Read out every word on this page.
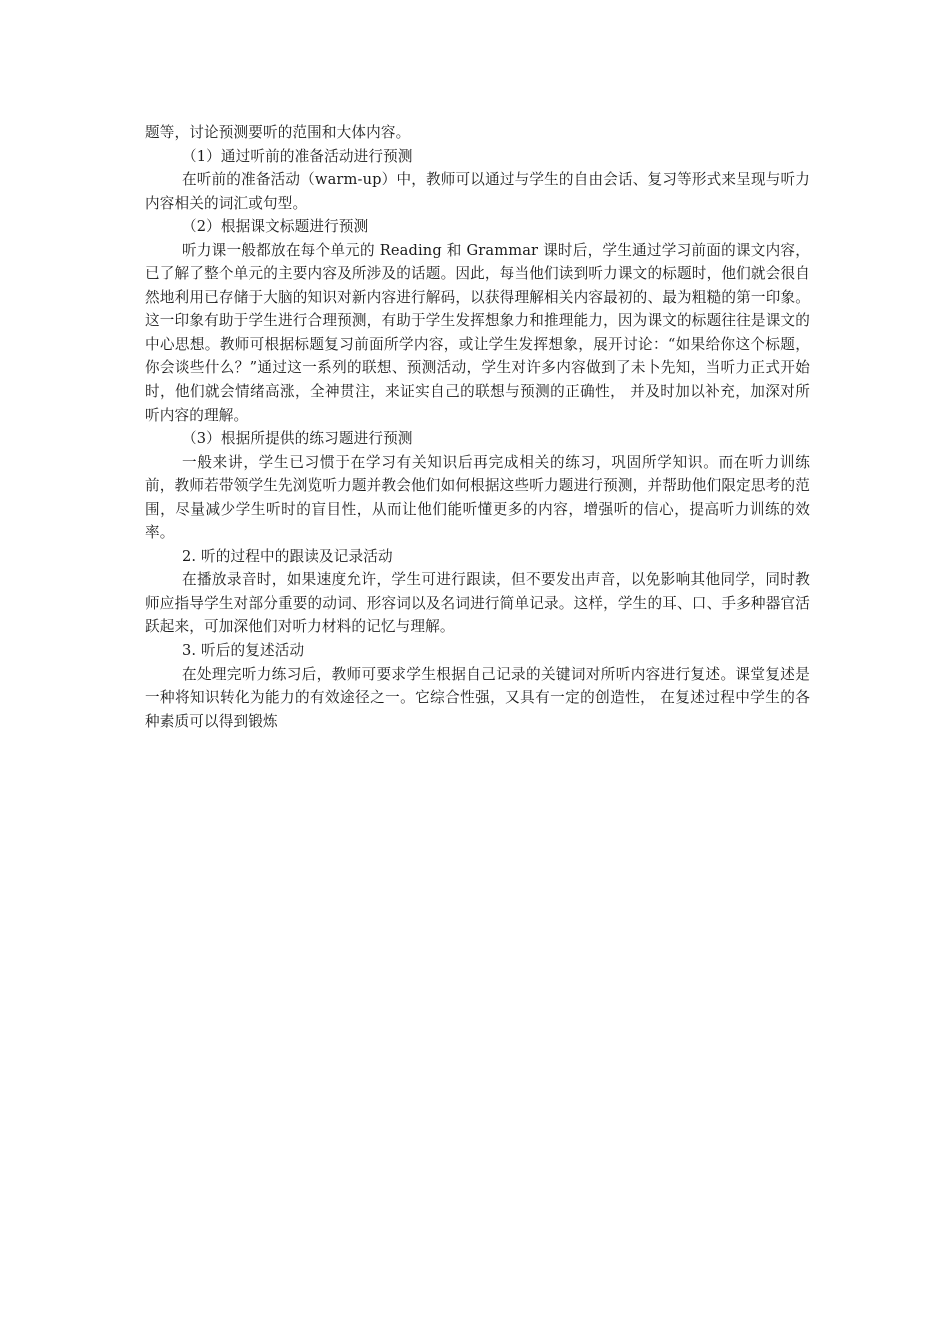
题等，讨论预测要听的范围和大体内容。

（1）通过听前的准备活动进行预测

在听前的准备活动（warm-up）中，教师可以通过与学生的自由会话、复习等形式来呈现与听力内容相关的词汇或句型。

（2）根据课文标题进行预测

听力课一般都放在每个单元的 Reading 和 Grammar 课时后，学生通过学习前面的课文内容，已了解了整个单元的主要内容及所涉及的话题。因此，每当他们读到听力课文的标题时，他们就会很自然地利用已存储于大脑的知识对新内容进行解码，以获得理解相关内容最初的、最为粗糙的第一印象。这一印象有助于学生进行合理预测，有助于学生发挥想象力和推理能力，因为课文的标题往往是课文的中心思想。教师可根据标题复习前面所学内容，或让学生发挥想象，展开讨论：“如果给你这个标题，你会谈些什么？”通过这一系列的联想、预测活动，学生对许多内容做到了未卜先知，当听力正式开始时，他们就会情绪高涨，全神贯注，来证实自己的联想与预测的正确性， 并及时加以补充，加深对所听内容的理解。

（3）根据所提供的练习题进行预测

一般来讲，学生已习惯于在学习有关知识后再完成相关的练习，巩固所学知识。而在听力训练前，教师若带领学生先浏览听力题并教会他们如何根据这些听力题进行预测，并帮助他们限定思考的范围，尽量减少学生听时的盲目性，从而让他们能听懂更多的内容，增强听的信心，提高听力训练的效率。

2. 听的过程中的跟读及记录活动

在播放录音时，如果速度允许，学生可进行跟读，但不要发出声音，以免影响其他同学，同时教师应指导学生对部分重要的动词、形容词以及名词进行简单记录。这样，学生的耳、口、手多种器官活跃起来，可加深他们对听力材料的记忆与理解。

3. 听后的复述活动

在处理完听力练习后，教师可要求学生根据自己记录的关键词对所听内容进行复述。课堂复述是一种将知识转化为能力的有效途径之一。它综合性强，又具有一定的创造性， 在复述过程中学生的各种素质可以得到锻炼
